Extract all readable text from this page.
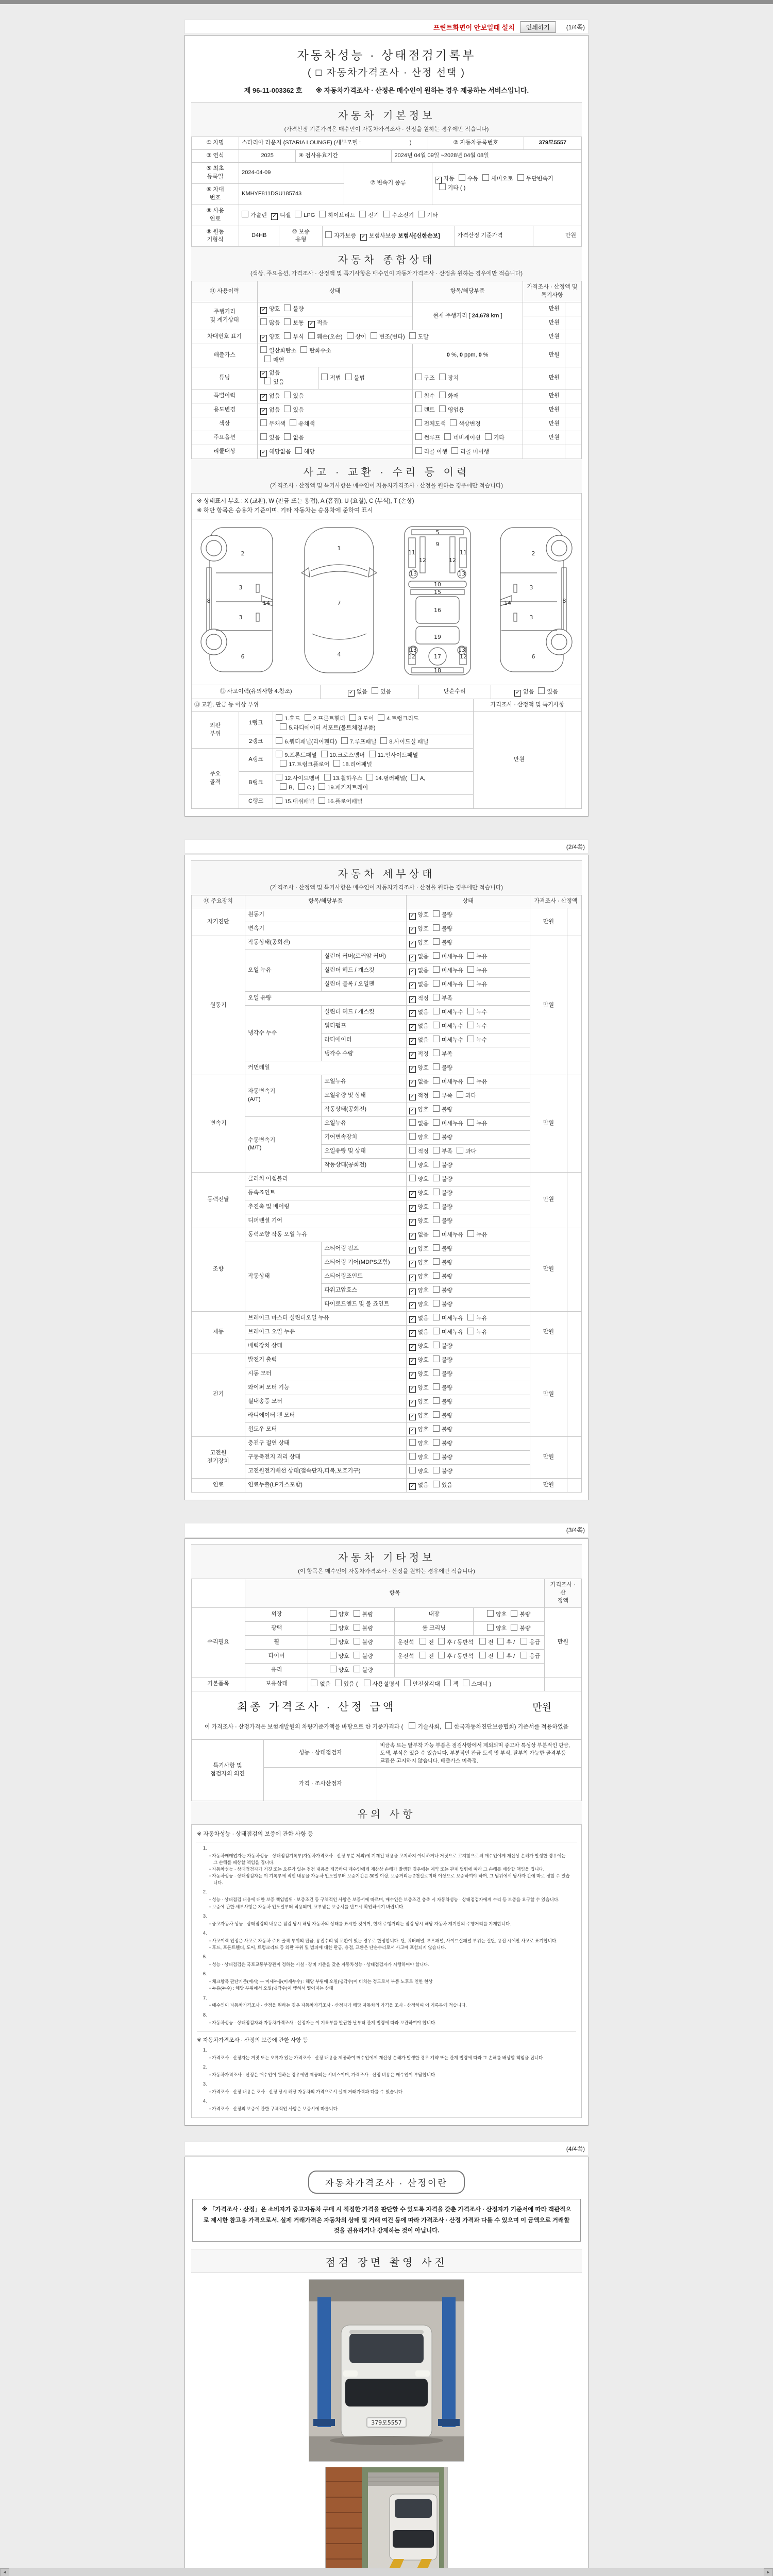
프린트화면이 안보일때 설치	인쇄하기	(1/4쪽)
자동차성능 · 상태점검기록부
( □ 자동차가격조사 · 산정 선택 )
제 96-11-003362 호 ※ 자동차가격조사 · 산정은 매수인이 원하는 경우 제공하는 서비스입니다.
자동차 기본정보
(가격산정 기준가격은 매수인이 자동차가격조사 · 산정을 원하는 경우에만 적습니다)
① 차명	스타리아 라운지 (STARIA LOUNGE) (세부모델 :                               )	② 자동차등록번호	379모5557
③ 연식	2025	④ 검사유효기간	2024년 04월 09일 ~2028년 04월 08일
⑤ 최초
등록일	2024-04-09	⑦ 변속기 종류	✓ 자동 수동 세미오토 무단변속기
기타 ( )
⑥ 차대
번호	KMHYF811DSU185743		
⑧ 사용
연료	가솔린 ✓ 디젤 LPG 하이브리드 전기 수소전기 기타
⑨ 원동
기형식	D4HB	⑩ 보증
유형	자가보증 ✓ 보험사보증 보험사[신한손보]	가격산정 기준가격	만원
자동차 종합상태
(색상, 주요옵션, 가격조사 · 산정액 및 특기사항은 매수인이 자동차가격조사 · 산정을 원하는 경우에만 적습니다)
⑪ 사용이력	상태		항목/해당부품	가격조사 · 산정액 및 특기사항	
주행거리
및 계기상태	✓ 양호 불량		현재 주행거리 [ 24,678 km ]	만원	
	많음 보통 ✓ 적음			만원	
차대번호 표기	✓ 양호 부식 훼손(오손) 상이 변조(변타) 도말			만원	
배출가스	일산화탄소 탄화수소
매연		0 %, 0 ppm, 0 %	만원	
튜닝	✓ 없음
있음	적법 불법	구조 장치	만원	
특별이력	✓ 없음 있음		침수 화재	만원	
용도변경	✓ 없음 있음		렌트 영업용	만원	
색상	무채색 유채색		전체도색 색상변경	만원	
주요옵션	있음 없음		썬루프 네비게이션 기타	만원	
리콜대상	✓ 해당없음 해당		리콜 이행 리콜 미이행		
사고 · 교환 · 수리 등 이력
(가격조사 · 산정액 및 특기사항은 매수인이 자동차가격조사 · 산정을 원하는 경우에만 적습니다)
※ 상태표시 부호 : X (교환), W (판금 또는 용접), A (흠집), U (요철), C (부식), T (손상)
※ 하단 항목은 승용차 기준이며, 기타 자동차는 승용차에 준하여 표시
2
3
3
8	14
6
1
7
4
5
9
11	11
12	12
13	13
10
15
16
19
13	13
12	12
17
18
2
3
3
8
14
6
⑫ 사고이력(유의사항 4.참조)	✓ 없음 있음	단순수리	✓ 없음 있음
⑬ 교환, 판금 등 이상 부위	가격조사 · 산정액 및 특기사항
외판
부위	1랭크	1.후드 2.프론트휀더 3.도어 4.트렁크리드
5.라디에이터 서포트(볼트체결부품)	만원	
	2랭크	6.쿼터패널(리어휀다) 7.루프패널 8.사이드실 패널		
주요
골격	A랭크	9.프론트패널 10.크로스멤버 11.인사이드패널
17.트렁크플로어 18.리어패널		
	B랭크	12.사이드멤버 13.휠하우스 14.필러패널( A,
B, C ) 19.패키지트레이		
	C랭크	15.대쉬패널 16.플로어패널		
(2/4쪽)
자동차 세부상태
(가격조사 · 산정액 및 특기사항은 매수인이 자동차가격조사 · 산정을 원하는 경우에만 적습니다)
⑭ 주요장치	항목/해당부품	상태	가격조사 · 산정액
자기진단	원동기		✓ 양호 불량	만원	
	변속기		✓ 양호 불량		
원동기	작동상태(공회전)		✓ 양호 불량	만원	
	오일 누유	실린더 커버(로커암 커버)	✓ 없음 미세누유 누유		
		실린더 헤드 / 개스킷	✓ 없음 미세누유 누유		
		실린더 블록 / 오일팬	✓ 없음 미세누유 누유		
	오일 유량		✓ 적정 부족		
	냉각수 누수	실린더 헤드 / 개스킷	✓ 없음 미세누수 누수		
		워터펌프	✓ 없음 미세누수 누수		
		라디에이터	✓ 없음 미세누수 누수		
		냉각수 수량	✓ 적정 부족		
	커먼레일		✓ 양호 불량		
변속기	자동변속기
(A/T)	오일누유	✓ 없음 미세누유 누유	만원	
		오일유량 및 상태	✓ 적정 부족 과다		
		작동상태(공회전)	✓ 양호 불량		
	수동변속기
(M/T)	오일누유	없음 미세누유 누유		
		기어변속장치	양호 불량		
		오일유량 및 상태	적정 부족 과다		
		작동상태(공회전)	양호 불량		
동력전달	클러치 어셈블리		양호 불량	만원	
	등속죠인트		✓ 양호 불량		
	추진축 및 베어링		✓ 양호 불량		
	디퍼렌셜 기어		✓ 양호 불량		
조향	동력조향 작동 오일 누유		✓ 없음 미세누유 누유	만원	
	작동상태	스티어링 펌프	✓ 양호 불량		
		스티어링 기어(MDPS포함)	✓ 양호 불량		
		스티어링조인트	✓ 양호 불량		
		파워고압호스	✓ 양호 불량		
		타이로드엔드 및 볼 죠인트	✓ 양호 불량		
제동	브레이크 마스터 실린더오일 누유		✓ 없음 미세누유 누유	만원	
	브레이크 오일 누유		✓ 없음 미세누유 누유		
	배력장치 상태		✓ 양호 불량		
전기	발전기 출력		✓ 양호 불량	만원	
	시동 모터		✓ 양호 불량		
	와이퍼 모터 기능		✓ 양호 불량		
	실내송풍 모터		✓ 양호 불량		
	라디에이터 팬 모터		✓ 양호 불량		
	윈도우 모터		✓ 양호 불량		
고전원
전기장치	충전구 절연 상태		양호 불량	만원	
	구동축전지 격리 상태		양호 불량		
	고전원전기배선 상태(접속단자,피복,보호기구)		양호 불량		
연료	연료누출(LP가스포함)		✓ 없음 있음	만원	
(3/4쪽)
자동차 기타정보
(이 항목은 매수인이 자동차가격조사 · 산정을 원하는 경우에만 적습니다)
	항목				가격조사 · 산
정액
수리필요	외장	양호 불량	내장	양호 불량	만원
	광택	양호 불량	룸 크리닝	양호 불량	
	휠	양호 불량	운전석 전 후 / 동반석 전 후 / 응급		
	타이어	양호 불량	운전석 전 후 / 동반석 전 후 / 응급		
	유리	양호 불량			
기본품목	보유상태	없음 있음 ( 사용설명서 안전삼각대 잭 스패너 )			
최종 가격조사 · 산정 금액	만원
이 가격조사 · 산정가격은 보험개발원의 차량기준가액을 바탕으로 한 기준가격과 ( 기술사회, 한국자동차진단보증협회) 기준서를 적용하였음
특기사항 및
점검자의 의견	성능 · 상태점검자	비금속 또는 탈부착 가능 부품은 점검사항에서 제외되며 중고차 특성상 부분적인 판금, 도색, 부식은 있을 수 있습니다. 부분적인 판금 도색 및 부식, 탈부착 가능한 골격부품 교환은 고지하지 않습니다. 배출가스 미측정.
	가격 · 조사산정자	
유의 사항
※ 자동차성능 · 상태점검의 보증에 관한 사항 등
1.
◦ 자동차매매업자는 자동차성능 · 상태점검기록부(자동차가격조사 · 산정 부분 제외)에 기재된 내용을 고지하지 아니하거나 거짓으로 고지함으로써 매수인에게 재산상 손해가 발생한 경우에는 그 손해를 배상할 책임을 집니다.
◦ 자동차성능 · 상태점검자가 거짓 또는 오류가 있는 점검 내용을 제공하여 매수인에게 재산상 손해가 발생한 경우에는 계약 또는 관계 법령에 따라 그 손해를 배상할 책임을 집니다.
◦ 자동차성능 · 상태점검자는 이 기록부에 적힌 내용을 자동차 인도일부터 보증기간은 30일 이상, 보증거리는 2천킬로미터 이상으로 보증하여야 하며, 그 범위에서 당사자 간에 따로 정할 수 있습니다.
2.
◦ 성능 · 상태점검 내용에 대한 보증 책임범위 · 보증조건 등 구체적인 사항은 보증서에 따르며, 매수인은 보증조건 충족 시 자동차성능 · 상태점검자에게 수리 등 보증을 요구할 수 있습니다.
◦ 보증에 관한 세부사항은 자동차 인도일부터 적용되며, 교부받은 보증서를 반드시 확인하시기 바랍니다.
3.
◦ 중고자동차 성능 · 상태점검의 내용은 점검 당시 해당 자동차의 상태를 표시한 것이며, 현재 주행거리는 점검 당시 해당 자동차 계기판의 주행거리를 기재합니다.
4.
◦ 사고이력 인정은 사고로 자동차 주요 골격 부위의 판금, 용접수리 및 교환이 있는 경우로 한정합니다. 단, 쿼터패널, 루프패널, 사이드실패널 부위는 절단, 용접 시에만 사고로 표기합니다.
◦ 후드, 프론트휀더, 도어, 트렁크리드 등 외판 부위 및 범퍼에 대한 판금, 용접, 교환은 단순수리로서 사고에 포함되지 않습니다.
5.
◦ 성능 · 상태점검은 국토교통부장관이 정하는 시설 · 장비 기준을 갖춘 자동차성능 · 상태점검자가 시행하여야 합니다.
6.
◦ 체크항목 판단기준(예시) — 미세누유(미세누수) : 해당 부위에 오일(냉각수)이 비치는 정도로서 부품 노후로 인한 현상
◦ 누유(누수) : 해당 부위에서 오일(냉각수)이 맺혀서 떨어지는 상태
7.
◦ 매수인이 자동차가격조사 · 산정을 원하는 경우 자동차가격조사 · 산정자가 해당 자동차의 가격을 조사 · 산정하여 이 기록부에 적습니다.
8.
◦ 자동차성능 · 상태점검자와 자동차가격조사 · 산정자는 이 기록부를 발급한 날부터 관계 법령에 따라 보관하여야 합니다.
※ 자동차가격조사 · 산정의 보증에 관한 사항 등
1.
◦ 가격조사 · 산정자는 거짓 또는 오류가 있는 가격조사 · 산정 내용을 제공하여 매수인에게 재산상 손해가 발생한 경우 계약 또는 관계 법령에 따라 그 손해를 배상할 책임을 집니다.
2.
◦ 자동차가격조사 · 산정은 매수인이 원하는 경우에만 제공되는 서비스이며, 가격조사 · 산정 비용은 매수인이 부담합니다.
3.
◦ 가격조사 · 산정 내용은 조사 · 산정 당시 해당 자동차의 가격으로서 실제 거래가격과 다를 수 있습니다.
4.
◦ 가격조사 · 산정의 보증에 관한 구체적인 사항은 보증서에 따릅니다.
(4/4쪽)
자동차가격조사 · 산정이란
※ 「가격조사 · 산정」은 소비자가 중고자동차 구매 시 적정한 가격을 판단할 수 있도록 자격을 갖춘 가격조사 · 산정자가 기준서에 따라 객관적으로 제시한 참고용 가격으로서, 실제 거래가격은 자동차의 상태 및 거래 여건 등에 따라 가격조사 · 산정 가격과 다를 수 있으며 이 금액으로 거래할 것을 권유하거나 강제하는 것이 아닙니다.
점검 장면 촬영 사진
379모5557

◄	►
